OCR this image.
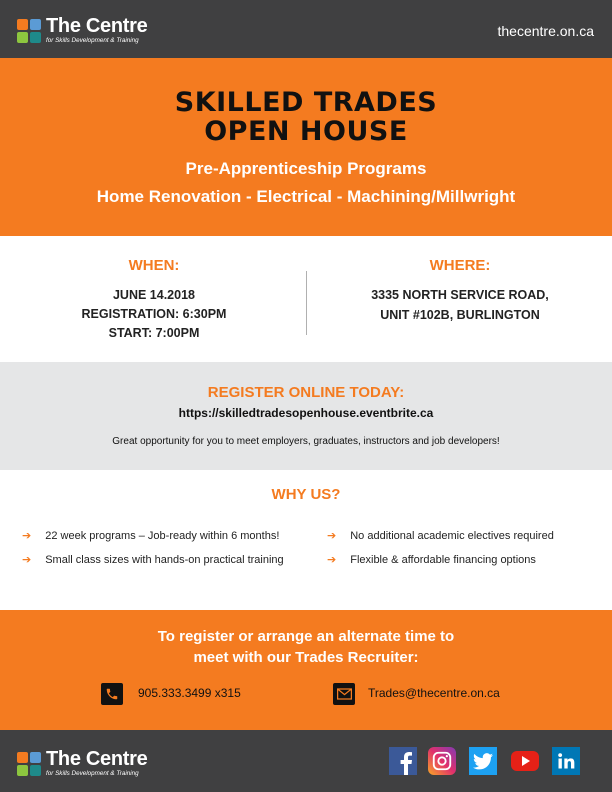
The Centre
for Skills Development & Training
thecentre.on.ca
SKILLED TRADES
OPEN HOUSE
Pre-Apprenticeship Programs
Home Renovation - Electrical - Machining/Millwright
WHEN:
JUNE 14.2018
REGISTRATION: 6:30PM
START: 7:00PM
WHERE:
3335 NORTH SERVICE ROAD,
UNIT #102B, BURLINGTON
REGISTER ONLINE TODAY:
https://skilledtradesopenhouse.eventbrite.ca
Great opportunity for you to meet employers, graduates, instructors and job developers!
WHY US?
➔ 22 week programs – Job-ready within 6 months!
➔ Small class sizes with hands-on practical training
➔ No additional academic electives required
➔ Flexible & affordable financing options
To register or arrange an alternate time to
meet with our Trades Recruiter:
905.333.3499 x315	Trades@thecentre.on.ca
The Centre
for Skills Development & Training
